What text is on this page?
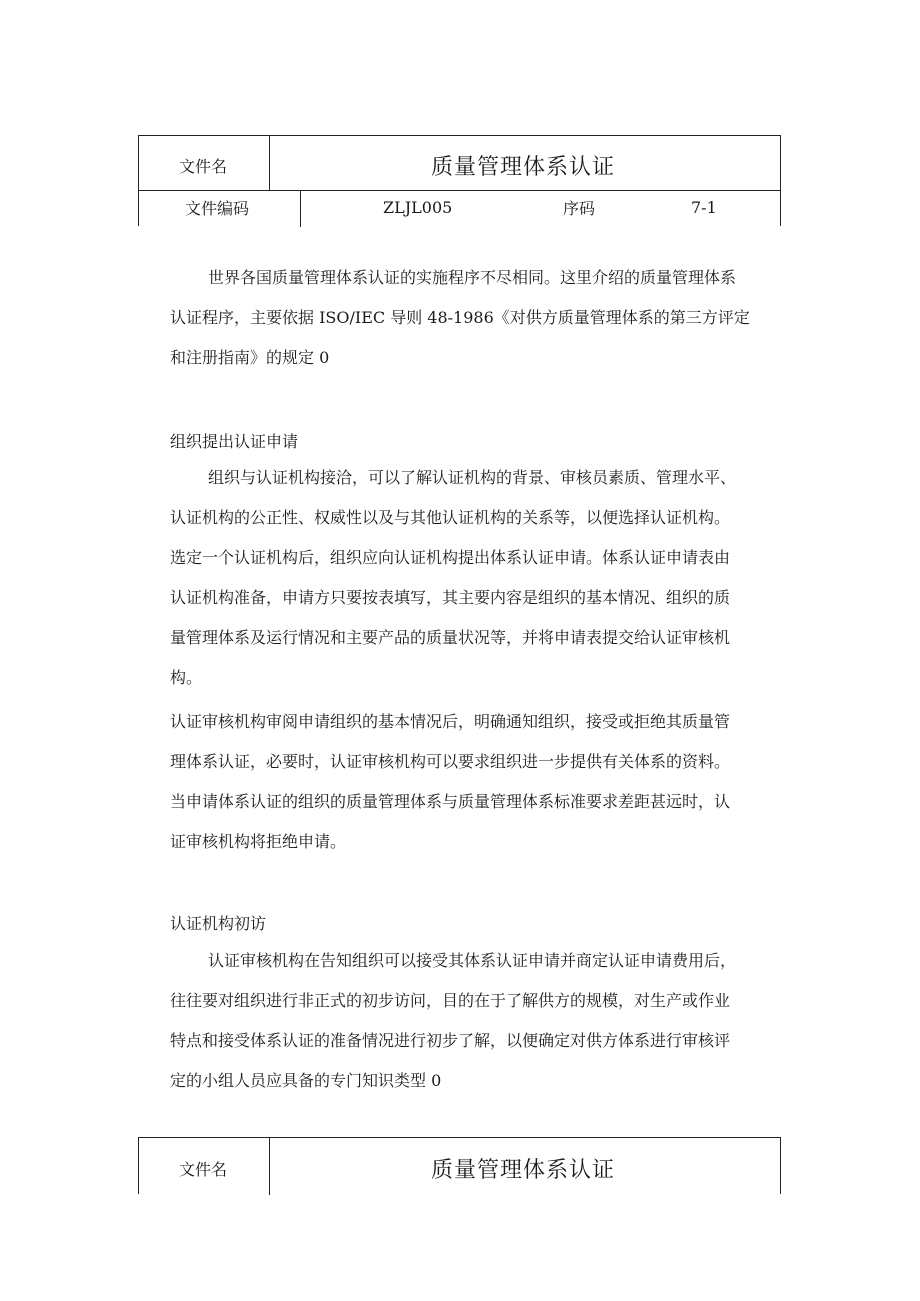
文件名	质量管理体系认证
文件编码	ZLJL005	序码	7-1
世界各国质量管理体系认证的实施程序不尽相同。这里介绍的质量管理体系
认证程序，主要依据 ISO/IEC 导则 48-1986《对供方质量管理体系的第三方评定
和注册指南》的规定 0
组织提出认证申请
组织与认证机构接洽，可以了解认证机构的背景、审核员素质、管理水平、
认证机构的公正性、权威性以及与其他认证机构的关系等，以便选择认证机构。
选定一个认证机构后，组织应向认证机构提出体系认证申请。体系认证申请表由
认证机构准备，申请方只要按表填写，其主要内容是组织的基本情况、组织的质
量管理体系及运行情况和主要产品的质量状况等，并将申请表提交给认证审核机
构。
认证审核机构审阅申请组织的基本情况后，明确通知组织，接受或拒绝其质量管
理体系认证，必要时，认证审核机构可以要求组织进一步提供有关体系的资料。
当申请体系认证的组织的质量管理体系与质量管理体系标准要求差距甚远时，认
证审核机构将拒绝申请。
认证机构初访
认证审核机构在告知组织可以接受其体系认证申请并商定认证申请费用后，
往往要对组织进行非正式的初步访问，目的在于了解供方的规模，对生产或作业
特点和接受体系认证的准备情况进行初步了解，以便确定对供方体系进行审核评
定的小组人员应具备的专门知识类型 0
文件名	质量管理体系认证
